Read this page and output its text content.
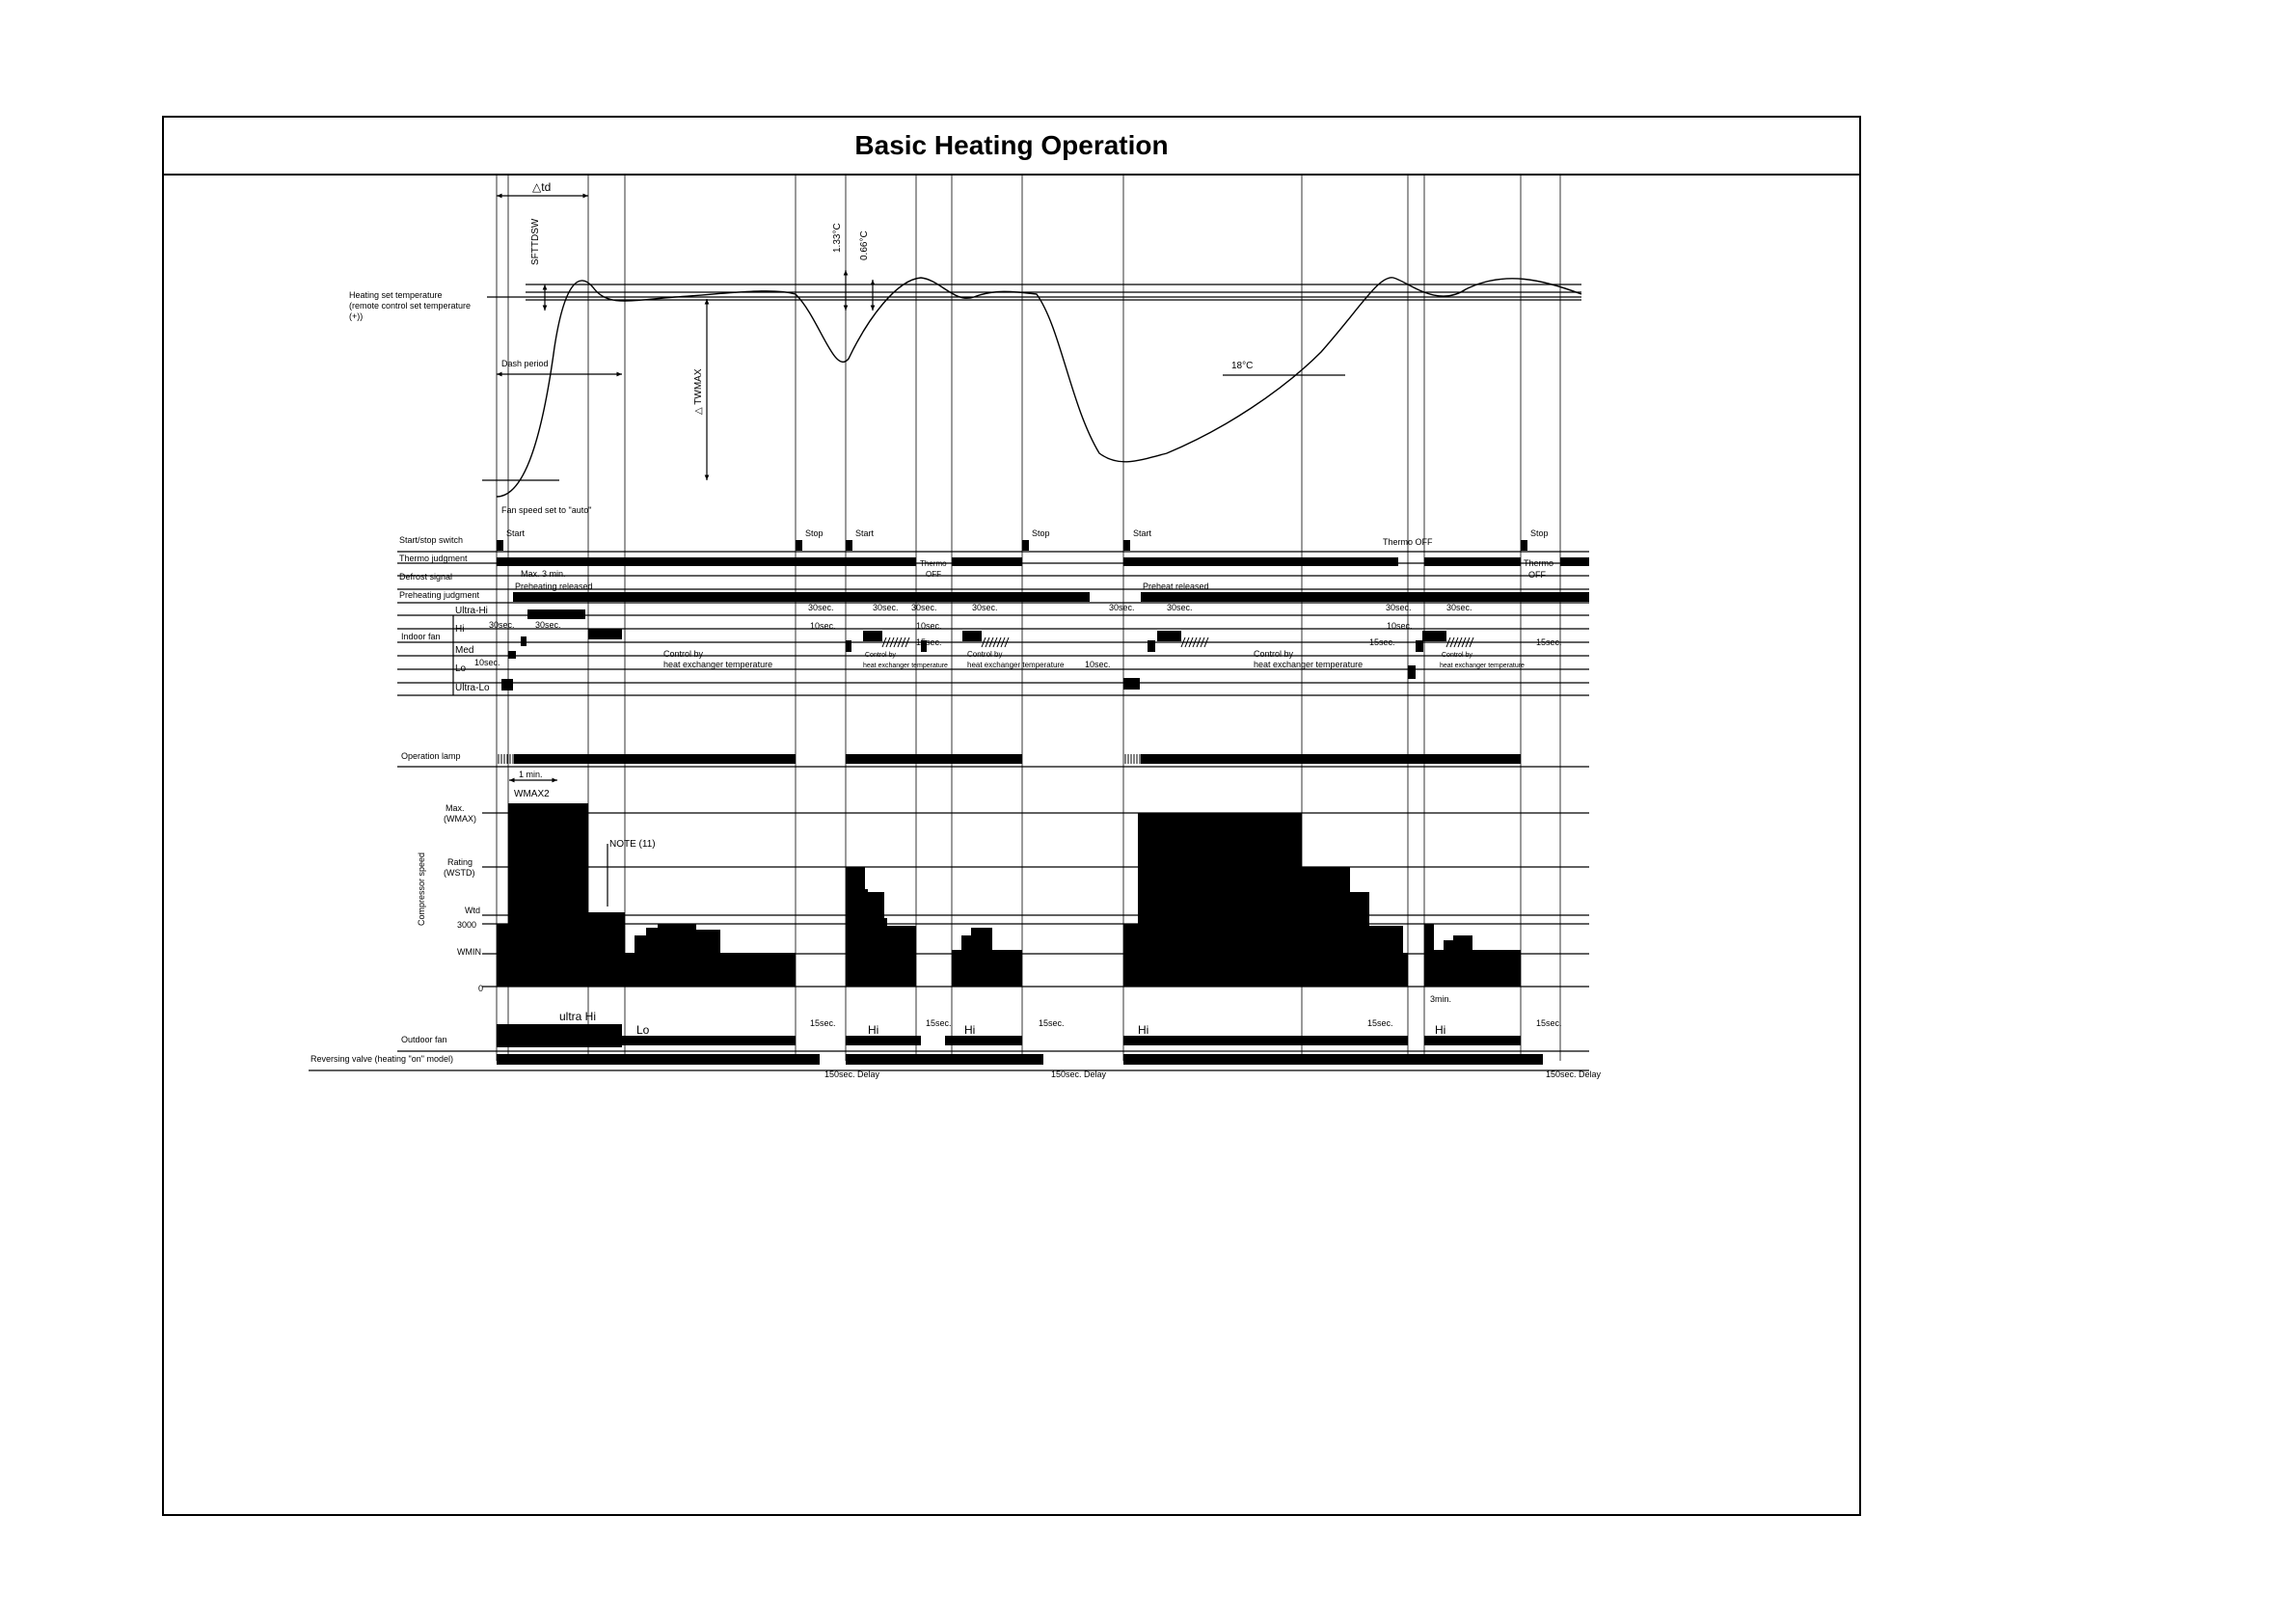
Basic Heating Operation
Heating set temperature
(remote control set temperature
(+))
△td
SFTTDSW
Dash period
△ TWMAX
1.33°C 0.66°C
18°C
Fan speed set to "auto"
Start/stop switch
Thermo judgment
Defrost signal
Preheating judgment
Indoor fan
Ultra-Hi
Hi
Med
Lo
Ultra-Lo
Start	Stop	Start	Stop	Start	Stop
Thermo
OFF
Thermo OFF
Thermo
OFF
Max. 3 min.
Preheating released	Preheat released
30sec.	30sec. 30sec.	30sec.	30sec.	30sec.	30sec.	30sec.
30sec. 30sec.	10sec.	10sec.	10sec.
10sec.
10sec.
15sec.	15sec.	15sec.
Control by
heat exchanger temperature
Control by
heat exchanger temperature
Control by
heat exchanger temperature
Control by
heat exchanger temperature
Control by
heat exchanger temperature
Operation lamp
Max.
(WMAX)
Rating
(WSTD)
Wtd
3000
WMIN
0
Compressor speed
1 min.
WMAX2
NOTE (11)
3min.
Outdoor fan
Reversing valve (heating "on" model)
ultra Hi
Lo	Hi	Hi	Hi	Hi
15sec.	15sec.	15sec.	15sec.	15sec.
150sec. Delay	150sec. Delay	150sec. Delay
